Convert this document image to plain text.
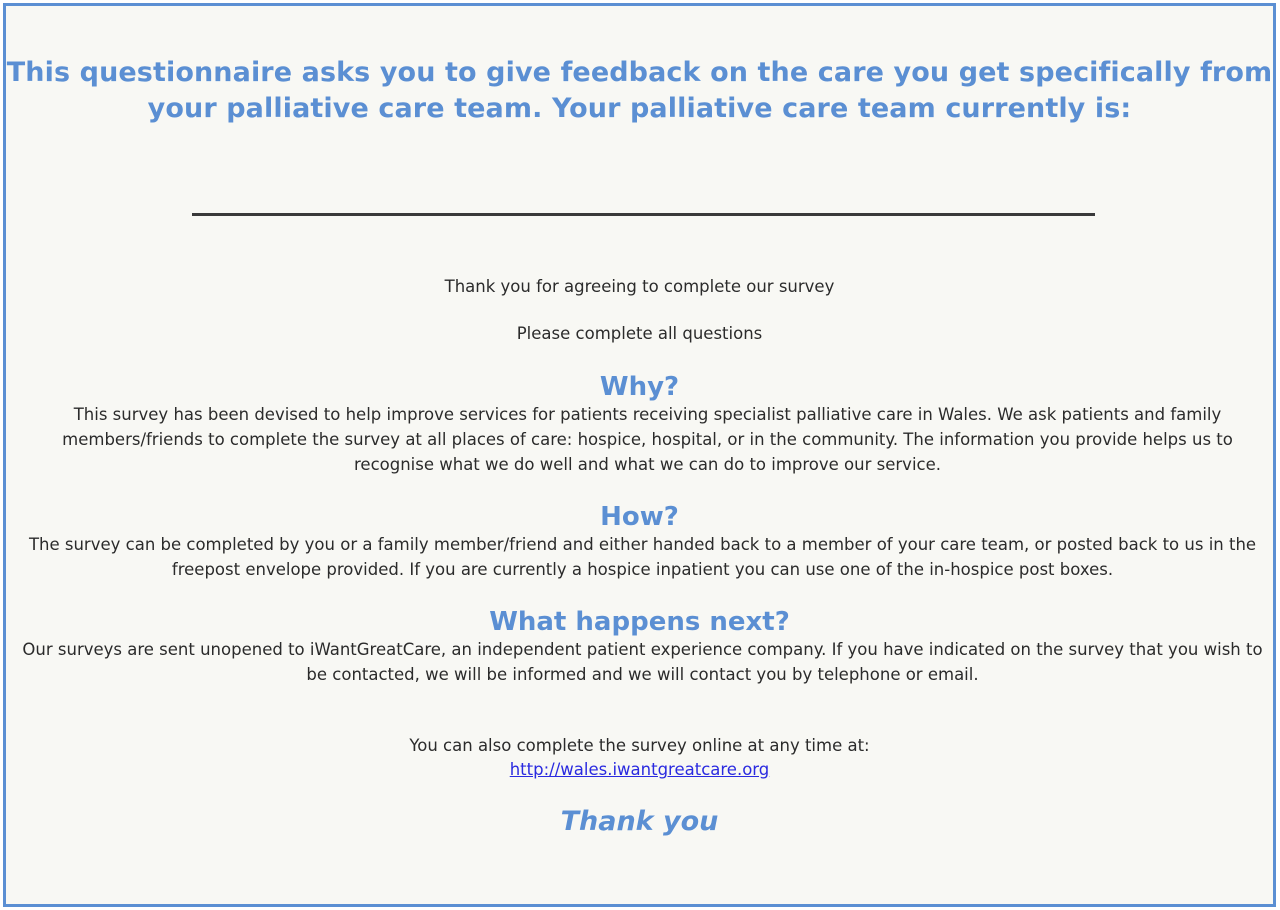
This questionnaire asks you to give feedback on the care you get specifically from
your palliative care team. Your palliative care team currently is:

Thank you for agreeing to complete our survey

Please complete all questions

Why?

This survey has been devised to help improve services for patients receiving specialist palliative care in Wales. We ask patients and family members/friends to complete the survey at all places of care: hospice, hospital, or in the community. The information you provide helps us to recognise what we do well and what we can do to improve our service.

How?

The survey can be completed by you or a family member/friend and either handed back to a member of your care team, or posted back to us in the freepost envelope provided. If you are currently a hospice inpatient you can use one of the in-hospice post boxes.

What happens next?

Our surveys are sent unopened to iWantGreatCare, an independent patient experience company. If you have indicated on the survey that you wish to be contacted, we will be informed and we will contact you by telephone or email.

You can also complete the survey online at any time at:

http://wales.iwantgreatcare.org

Thank you
